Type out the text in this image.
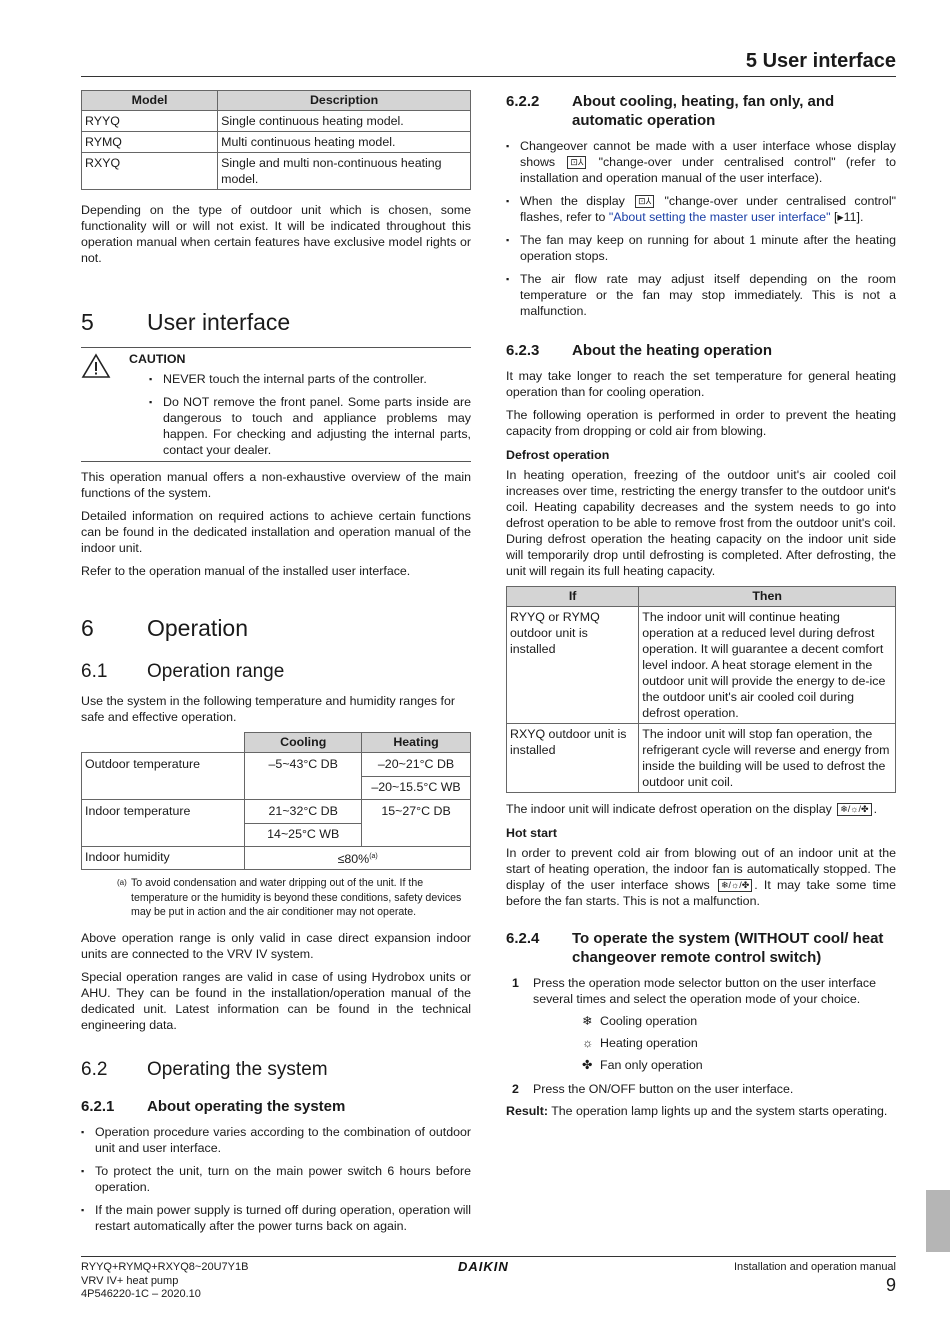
5 User interface
Model	Description
RYYQ	Single continuous heating model.
RYMQ	Multi continuous heating model.
RXYQ	Single and multi non-continuous heating model.

Depending on the type of outdoor unit which is chosen, some functionality will or will not exist. It will be indicated throughout this operation manual when certain features have exclusive model rights or not.

5	User interface
CAUTION
▪ NEVER touch the internal parts of the controller.
▪ Do NOT remove the front panel. Some parts inside are dangerous to touch and appliance problems may happen. For checking and adjusting the internal parts, contact your dealer.

This operation manual offers a non-exhaustive overview of the main functions of the system.

Detailed information on required actions to achieve certain functions can be found in the dedicated installation and operation manual of the indoor unit.

Refer to the operation manual of the installed user interface.

6	Operation
6.1	Operation range

Use the system in the following temperature and humidity ranges for safe and effective operation.

	Cooling	Heating
Outdoor temperature	–5~43°C DB	–20~21°C DB
		–20~15.5°C WB
Indoor temperature	21~32°C DB	15~27°C DB
	14~25°C WB	
Indoor humidity	≤80%$^{(a)}$
(a) To avoid condensation and water dripping out of the unit. If the temperature or the humidity is beyond these conditions, safety devices may be put in action and the air conditioner may not operate.

Above operation range is only valid in case direct expansion indoor units are connected to the VRV IV system.

Special operation ranges are valid in case of using Hydrobox units or AHU. They can be found in the installation/operation manual of the dedicated unit. Latest information can be found in the technical engineering data.

6.2	Operating the system
6.2.1	About operating the system
▪ Operation procedure varies according to the combination of outdoor unit and user interface.
▪ To protect the unit, turn on the main power switch 6 hours before operation.
▪ If the main power supply is turned off during operation, operation will restart automatically after the power turns back on again.
6.2.2	About cooling, heating, fan only, and automatic operation
▪ Changeover cannot be made with a user interface whose display shows ⊡⅄ "change-over under centralised control" (refer to installation and operation manual of the user interface).
▪ When the display ⊡⅄ "change-over under centralised control" flashes, refer to "About setting the master user interface" [▸11].
▪ The fan may keep on running for about 1 minute after the heating operation stops.
▪ The air flow rate may adjust itself depending on the room temperature or the fan may stop immediately. This is not a malfunction.
6.2.3	About the heating operation

It may take longer to reach the set temperature for general heating operation than for cooling operation.

The following operation is performed in order to prevent the heating capacity from dropping or cold air from blowing.

Defrost operation

In heating operation, freezing of the outdoor unit's air cooled coil increases over time, restricting the energy transfer to the outdoor unit's coil. Heating capability decreases and the system needs to go into defrost operation to be able to remove frost from the outdoor unit's coil. During defrost operation the heating capacity on the indoor unit side will temporarily drop until defrosting is completed. After defrosting, the unit will regain its full heating capacity.

If	Then
RYYQ or RYMQ outdoor unit is installed	The indoor unit will continue heating operation at a reduced level during defrost operation. It will guarantee a decent comfort level indoor. A heat storage element in the outdoor unit will provide the energy to de-ice the outdoor unit's air cooled coil during defrost operation.
RXYQ outdoor unit is installed	The indoor unit will stop fan operation, the refrigerant cycle will reverse and energy from inside the building will be used to defrost the outdoor unit coil.

The indoor unit will indicate defrost operation on the display ❄/☼/✤ .

Hot start

In order to prevent cold air from blowing out of an indoor unit at the start of heating operation, the indoor fan is automatically stopped. The display of the user interface shows ❄/☼/✤ . It may take some time before the fan starts. This is not a malfunction.

6.2.4	To operate the system (WITHOUT cool/ heat changeover remote control switch)
1	Press the operation mode selector button on the user interface several times and select the operation mode of your choice.
❄ Cooling operation
☼ Heating operation
✤ Fan only operation
2	Press the ON/OFF button on the user interface.

Result: The operation lamp lights up and the system starts operating.

RYYQ+RYMQ+RXYQ8~20U7Y1B
VRV IV+ heat pump
4P546220-1C – 2020.10
DAIKIN	Installation and operation manual
9
